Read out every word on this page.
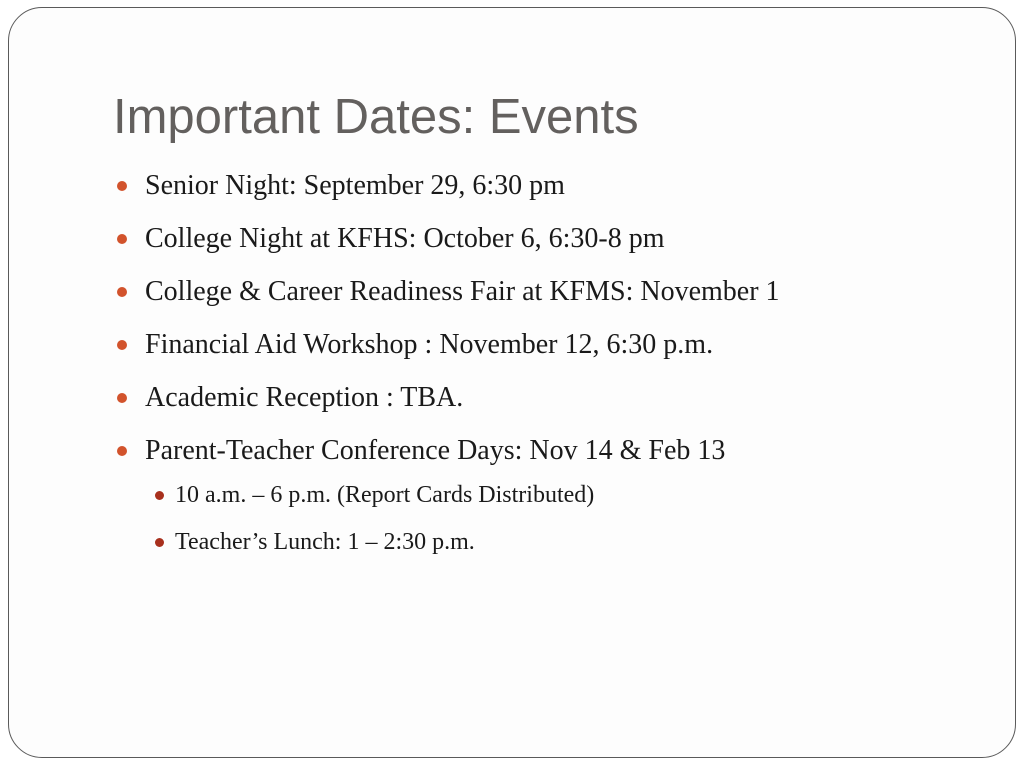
Important Dates: Events
Senior Night: September 29, 6:30 pm
College Night at KFHS: October 6, 6:30-8 pm
College & Career Readiness Fair at KFMS: November 1
Financial Aid Workshop : November 12, 6:30 p.m.
Academic Reception : TBA.
Parent-Teacher Conference Days: Nov 14 & Feb 13
10 a.m. – 6 p.m. (Report Cards Distributed)
Teacher’s Lunch: 1 – 2:30 p.m.
